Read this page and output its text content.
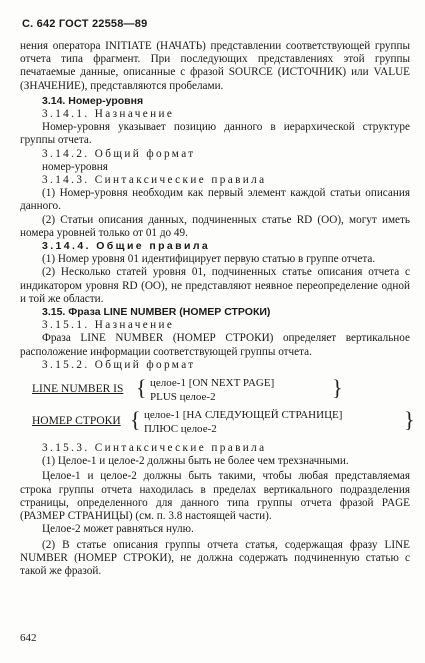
С. 642 ГОСТ 22558—89

нения оператора INITIATE (НАЧАТЬ) представлении соответствующей группы отчета типа фрагмент. При последующих представлениях этой группы печатаемые данные, описанные с фразой SOURCE (ИСТОЧНИК) или VALUE (ЗНАЧЕНИЕ), представляются пробелами.

3.14. Номер-уровня

3.14.1. Назначение

Номер-уровня указывает позицию данного в иерархической структуре группы отчета.

3.14.2. Общий формат

номер-уровня

3.14.3. Синтаксические правила

(1) Номер-уровня необходим как первый элемент каждой статьи описания данного.

(2) Статьи описания данных, подчиненных статье RD (OO), могут иметь номера уровней только от 01 до 49.

3.14.4. Общие правила

(1) Номер уровня 01 идентифицирует первую статью в группе отчета.

(2) Несколько статей уровня 01, подчиненных статье описания отчета с индикатором уровня RD (OO), не представляют неявное переопределение одной и той же области.

3.15. Фраза LINE NUMBER (НОМЕР СТРОКИ)

3.15.1. Назначение

Фраза LINE NUMBER (НОМЕР СТРОКИ) определяет вертикальное расположение информации соответствующей группы отчета.

3.15.2. Общий формат

LINE NUMBER IS { целое-1 [ON NEXT PAGE]
PLUS целое-2	}
НОМЕР СТРОКИ { целое-1 [НА СЛЕДУЮЩЕЙ СТРАНИЦЕ]
ПЛЮС целое-2	}

3.15.3. Синтаксические правила

(1) Целое-1 и целое-2 должны быть не более чем трехзначными.

Целое-1 и целое-2 должны быть такими, чтобы любая представляемая строка группы отчета находилась в пределах вертикального подразделения страницы, определенного для данного типа группы отчета фразой PAGE (РАЗМЕР СТРАНИЦЫ) (см. п. 3.8 настоящей части).

Целое-2 может равняться нулю.

(2) В статье описания группы отчета статья, содержащая фразу LINE NUMBER (НОМЕР СТРОКИ), не должна содержать подчиненную статью с такой же фразой.

642
